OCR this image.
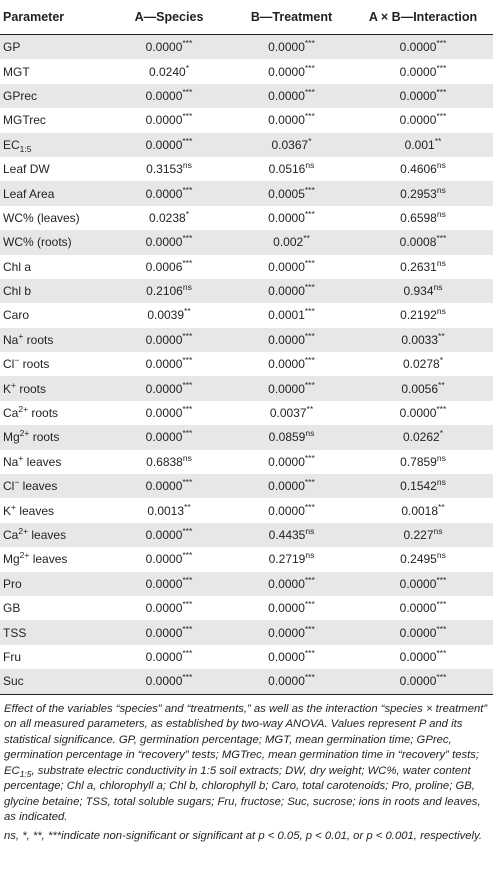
Parameter	A—Species	B—Treatment	A × B—Interaction
GP	0.0000***	0.0000***	0.0000***
MGT	0.0240*	0.0000***	0.0000***
GPrec	0.0000***	0.0000***	0.0000***
MGTrec	0.0000***	0.0000***	0.0000***
$EC_{1:5}$	0.0000***	0.0367*	0.001**
Leaf DW	$0.3153^{ns}$	$0.0516^{ns}$	$0.4606^{ns}$
Leaf Area	0.0000***	0.0005***	$0.2953^{ns}$
WC% (leaves)	0.0238*	0.0000***	$0.6598^{ns}$
WC% (roots)	0.0000***	0.002**	0.0008***
Chl a	0.0006***	0.0000***	$0.2631^{ns}$
Chl b	$0.2106^{ns}$	0.0000***	$0.934^{ns}$
Caro	0.0039**	0.0001***	$0.2192^{ns}$
Na+ roots	0.0000***	0.0000***	0.0033**
Cl− roots	0.0000***	0.0000***	0.0278*
K+ roots	0.0000***	0.0000***	0.0056**
$Ca^{2+}$ roots	0.0000***	0.0037**	0.0000***
$Mg^{2+}$ roots	0.0000***	$0.0859^{ns}$	0.0262*
Na+ leaves	$0.6838^{ns}$	0.0000***	$0.7859^{ns}$
Cl− leaves	0.0000***	0.0000***	$0.1542^{ns}$
K+ leaves	0.0013**	0.0000***	0.0018**
$Ca^{2+}$ leaves	0.0000***	$0.4435^{ns}$	$0.227^{ns}$
$Mg^{2+}$ leaves	0.0000***	$0.2719^{ns}$	$0.2495^{ns}$
Pro	0.0000***	0.0000***	0.0000***
GB	0.0000***	0.0000***	0.0000***
TSS	0.0000***	0.0000***	0.0000***
Fru	0.0000***	0.0000***	0.0000***
Suc	0.0000***	0.0000***	0.0000***

Effect of the variables “species” and “treatments,” as well as the interaction “species × treatment” on all measured parameters, as established by two-way ANOVA. Values represent P and its statistical significance. GP, germination percentage; MGT, mean germination time; GPrec, germination percentage in “recovery” tests; MGTrec, mean germination time in “recovery” tests; $EC_{1:5}$, substrate electric conductivity in 1:5 soil extracts; DW, dry weight; WC%, water content percentage; Chl a, chlorophyll a; Chl b, chlorophyll b; Caro, total carotenoids; Pro, proline; GB, glycine betaine; TSS, total soluble sugars; Fru, fructose; Suc, sucrose; ions in roots and leaves, as indicated.

ns, *, **, ***indicate non-significant or significant at p < 0.05, p < 0.01, or p < 0.001, respectively.
